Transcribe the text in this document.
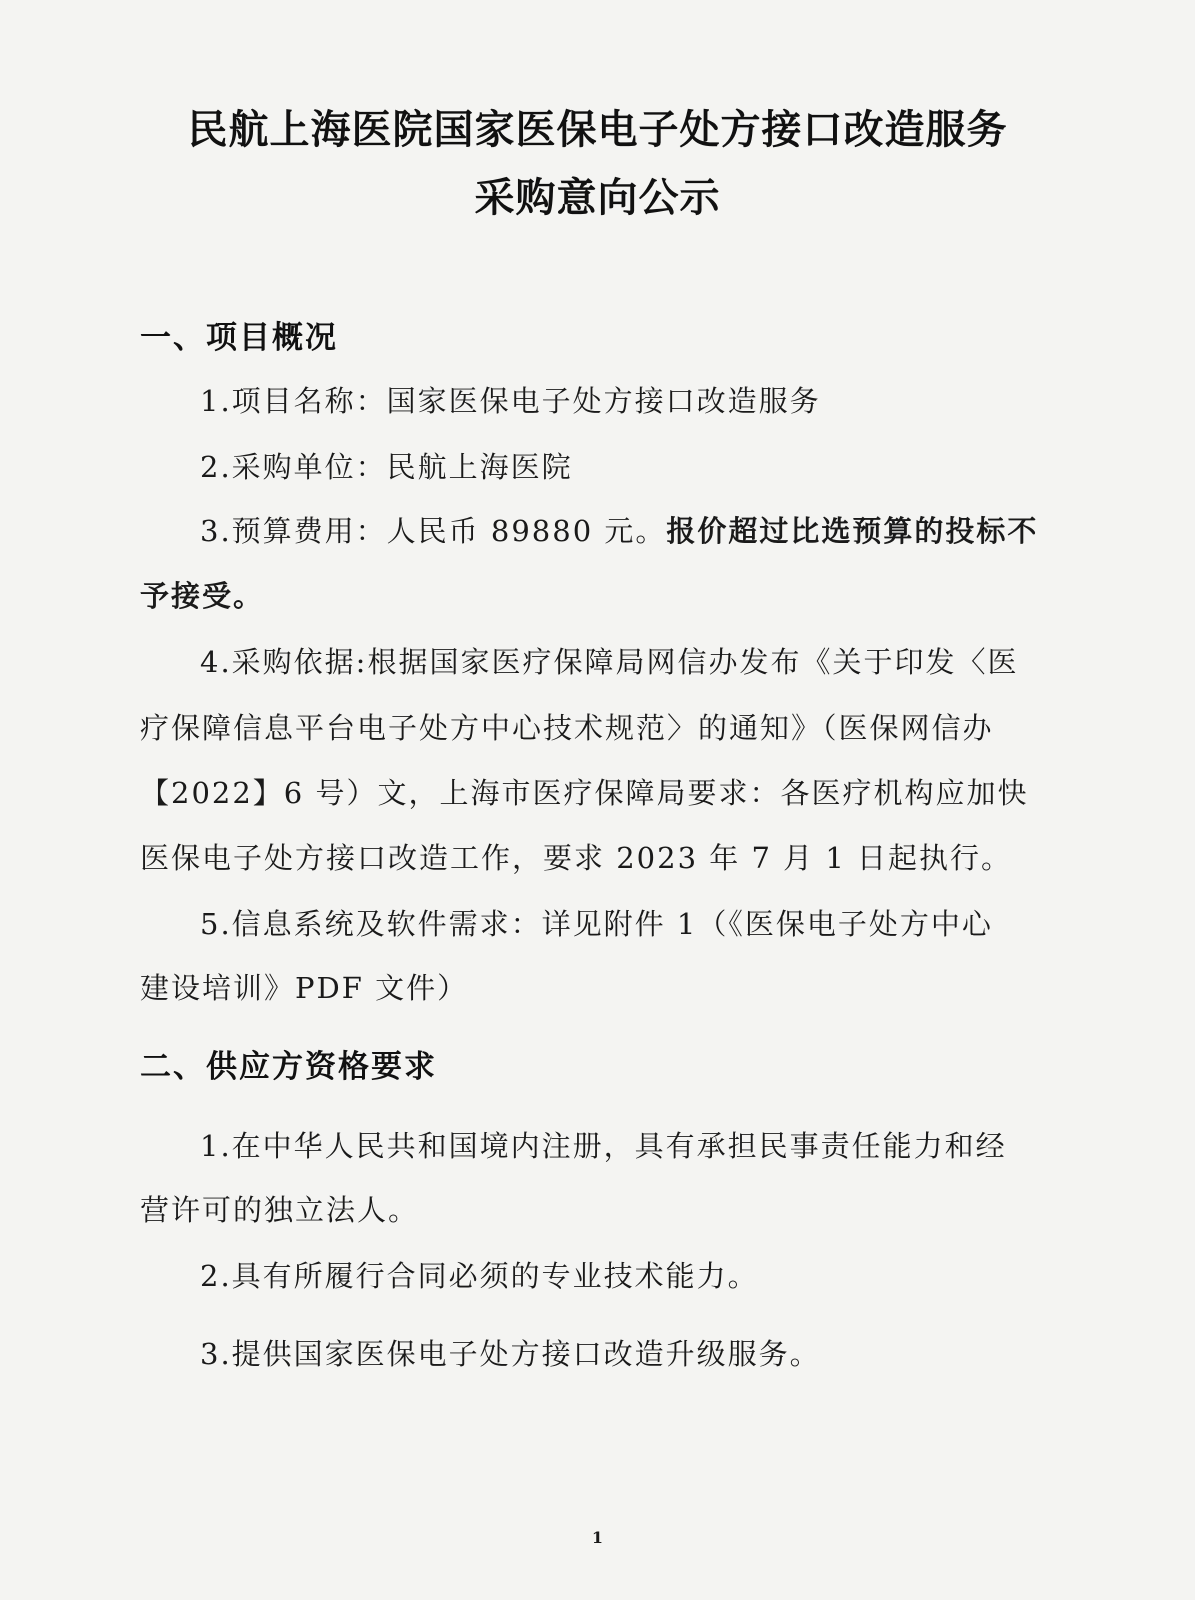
民航上海医院国家医保电子处方接口改造服务
采购意向公示
一、项目概况
1.项目名称：国家医保电子处方接口改造服务
2.采购单位：民航上海医院
3.预算费用：人民币 89880 元。报价超过比选预算的投标不
予接受。
4.采购依据:根据国家医疗保障局网信办发布《关于印发〈医
疗保障信息平台电子处方中心技术规范〉的通知》（医保网信办
【2022】6 号）文，上海市医疗保障局要求：各医疗机构应加快
医保电子处方接口改造工作，要求 2023 年 7 月 1 日起执行。
5.信息系统及软件需求：详见附件 1（《医保电子处方中心
建设培训》PDF 文件）
二、供应方资格要求
1.在中华人民共和国境内注册，具有承担民事责任能力和经
营许可的独立法人。
2.具有所履行合同必须的专业技术能力。
3.提供国家医保电子处方接口改造升级服务。
1
